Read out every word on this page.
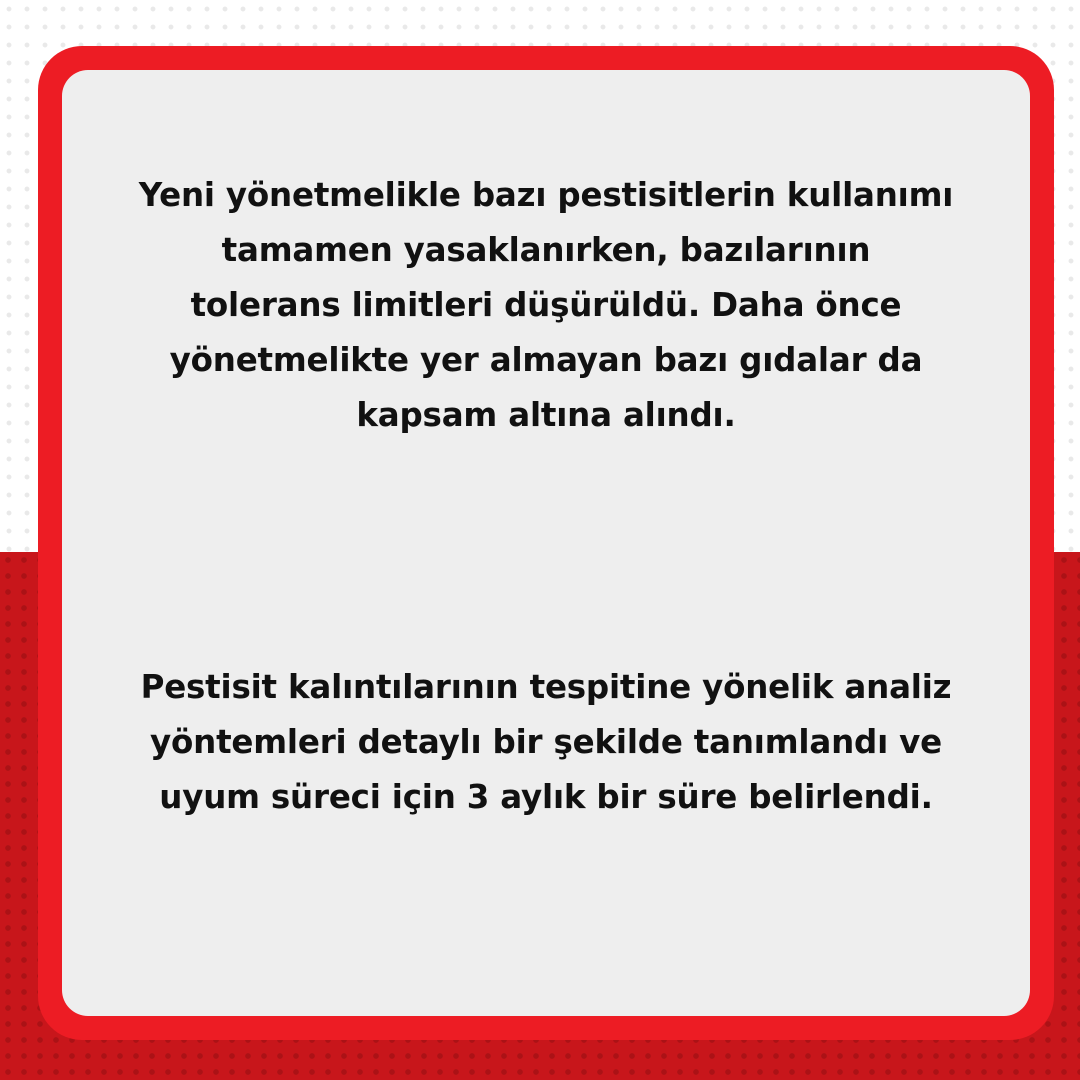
Yeni yönetmelikle bazı pestisitlerin kullanımı
tamamen yasaklanırken, bazılarının
tolerans limitleri düşürüldü. Daha önce
yönetmelikte yer almayan bazı gıdalar da
kapsam altına alındı.

Pestisit kalıntılarının tespitine yönelik analiz
yöntemleri detaylı bir şekilde tanımlandı ve
uyum süreci için 3 aylık bir süre belirlendi.
